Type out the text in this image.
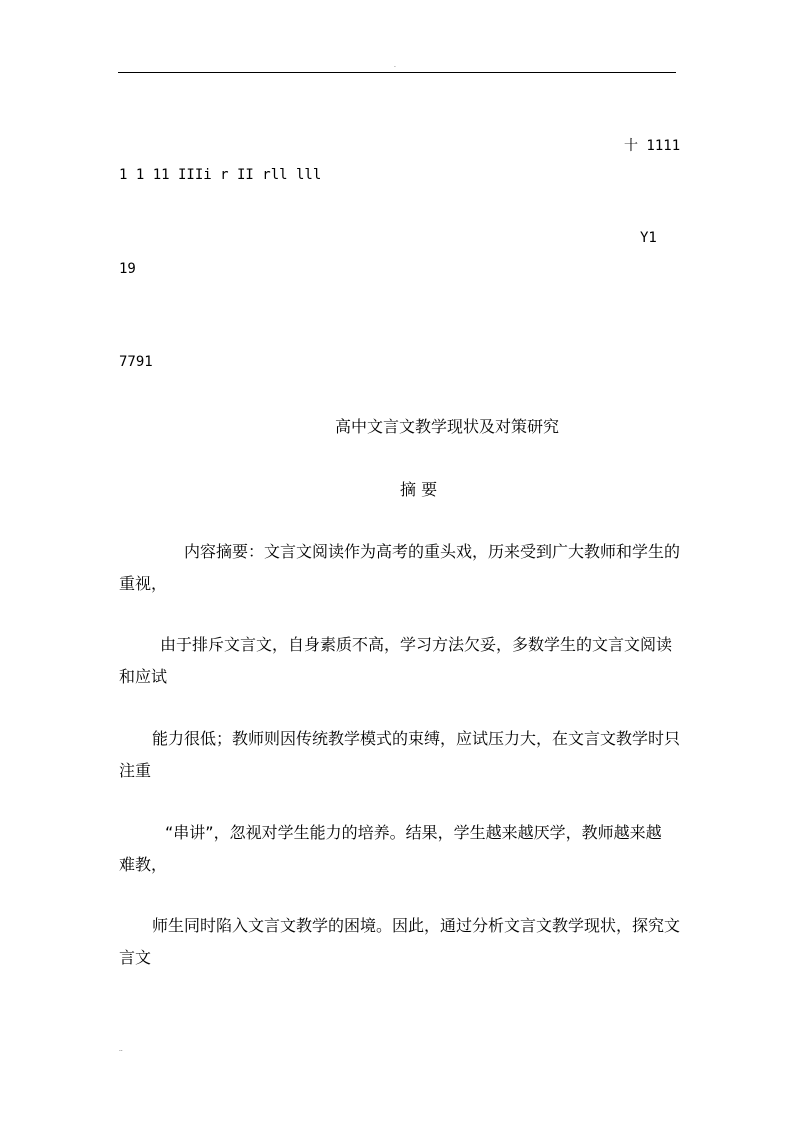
.
十 1111
1 1 11 IIIi r II rll lll
Y1
19
7791
高中文言文教学现状及对策研究
摘 要
内容摘要：文言文阅读作为高考的重头戏，历来受到广大教师和学生的
重视，
由于排斥文言文，自身素质不高，学习方法欠妥，多数学生的文言文阅读
和应试
能力很低；教师则因传统教学模式的束缚，应试压力大，在文言文教学时只
注重
“串讲”，忽视对学生能力的培养。结果，学生越来越厌学，教师越来越
难教，
师生同时陷入文言文教学的困境。因此，通过分析文言文教学现状，探究文
言文
..
